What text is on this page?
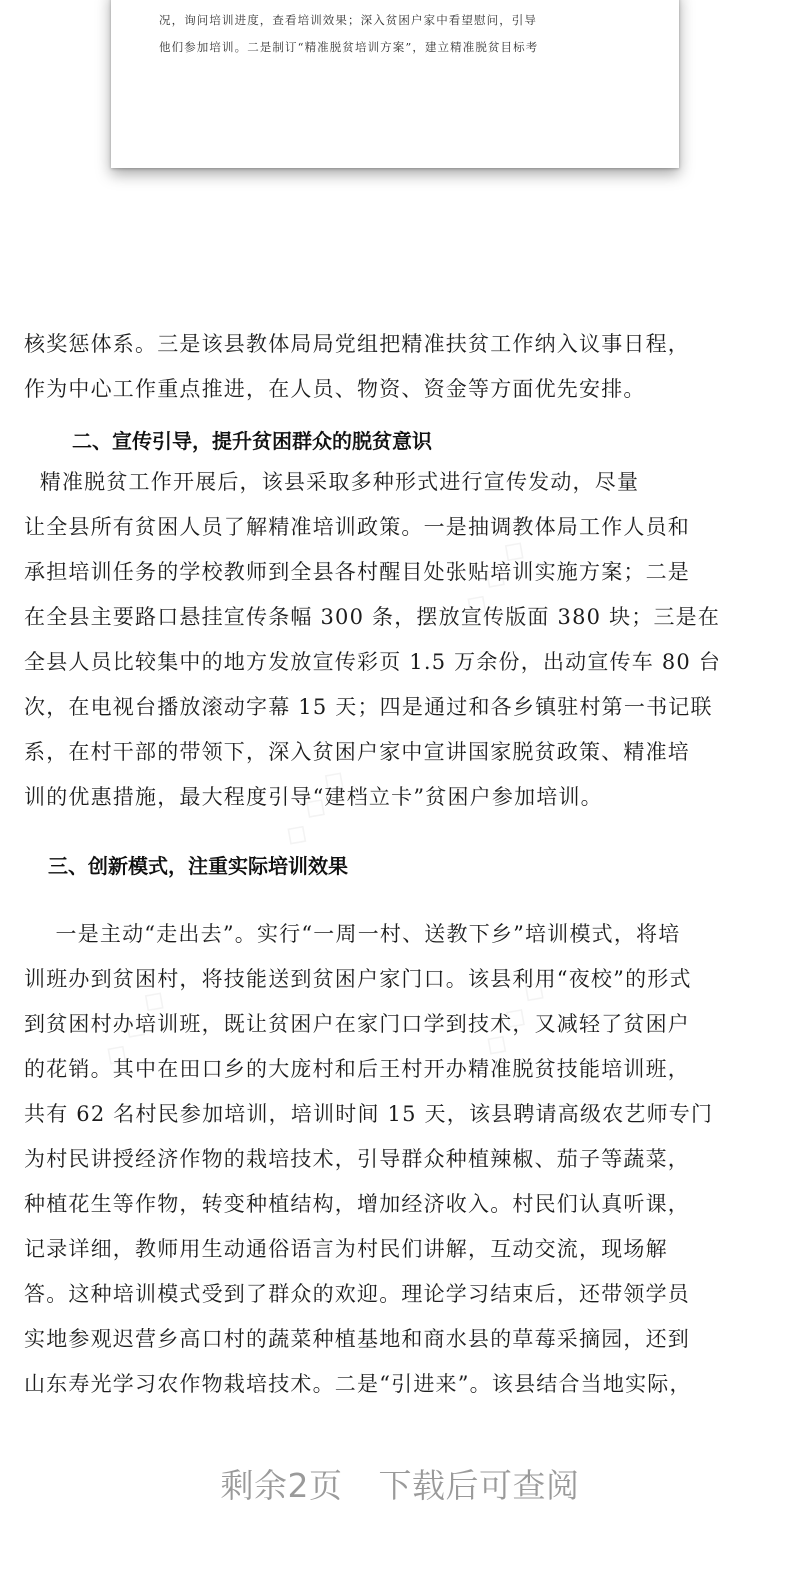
况，询问培训进度，查看培训效果；深入贫困户家中看望慰问，引导
他们参加培训。二是制订“精准脱贫培训方案”，建立精准脱贫目标考

核奖惩体系。三是该县教体局局党组把精准扶贫工作纳入议事日程，
作为中心工作重点推进，在人员、物资、资金等方面优先安排。
二、宣传引导，提升贫困群众的脱贫意识
精准脱贫工作开展后，该县采取多种形式进行宣传发动，尽量
让全县所有贫困人员了解精准培训政策。一是抽调教体局工作人员和
承担培训任务的学校教师到全县各村醒目处张贴培训实施方案；二是
在全县主要路口悬挂宣传条幅 300 条，摆放宣传版面 380 块；三是在
全县人员比较集中的地方发放宣传彩页 1.5 万余份，出动宣传车 80 台
次，在电视台播放滚动字幕 15 天；四是通过和各乡镇驻村第一书记联
系，在村干部的带领下，深入贫困户家中宣讲国家脱贫政策、精准培
训的优惠措施，最大程度引导“建档立卡”贫困户参加培训。
三、创新模式，注重实际培训效果
一是主动“走出去”。实行“一周一村、送教下乡”培训模式，将培
训班办到贫困村，将技能送到贫困户家门口。该县利用“夜校”的形式
到贫困村办培训班，既让贫困户在家门口学到技术，又减轻了贫困户
的花销。其中在田口乡的大庞村和后王村开办精准脱贫技能培训班，
共有 62 名村民参加培训，培训时间 15 天，该县聘请高级农艺师专门
为村民讲授经济作物的栽培技术，引导群众种植辣椒、茄子等蔬菜，
种植花生等作物，转变种植结构，增加经济收入。村民们认真听课，
记录详细，教师用生动通俗语言为村民们讲解，互动交流，现场解
答。这种培训模式受到了群众的欢迎。理论学习结束后，还带领学员
实地参观迟营乡高口村的蔬菜种植基地和商水县的草莓采摘园，还到
山东寿光学习农作物栽培技术。二是“引进来”。该县结合当地实际，
◇ ◇ ◇
◇ ◇ ◇
◇ ◇ ◇	◇ ◇ ◇
剩余2页 下载后可查阅
